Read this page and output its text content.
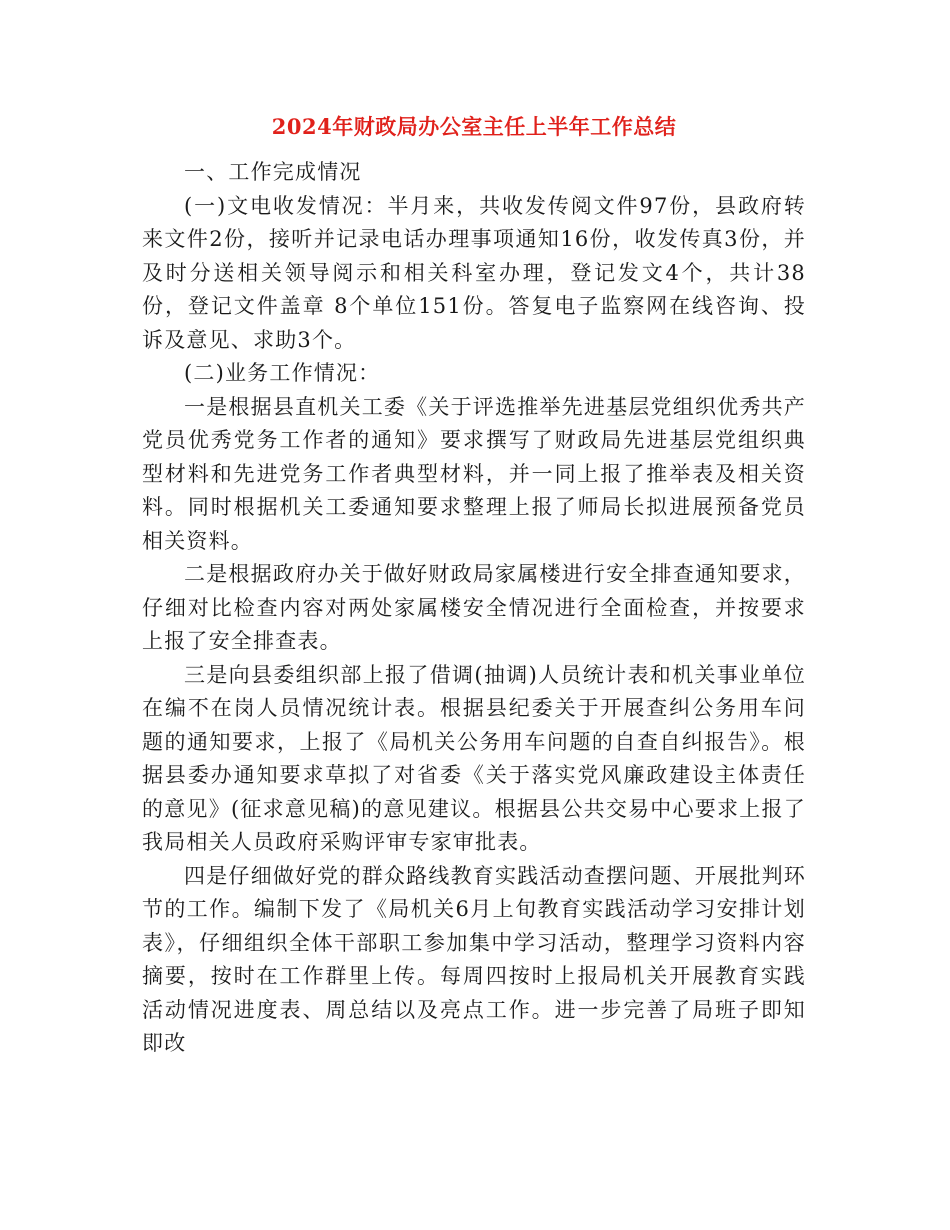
2024年财政局办公室主任上半年工作总结

一、工作完成情况

(一)文电收发情况：半月来，共收发传阅文件97份，县政府转来文件2份，接听并记录电话办理事项通知16份，收发传真3份，并及时分送相关领导阅示和相关科室办理，登记发文4个，共计38份，登记文件盖章 8个单位151份。答复电子监察网在线咨询、投诉及意见、求助3个。

(二)业务工作情况：

一是根据县直机关工委《关于评选推举先进基层党组织优秀共产党员优秀党务工作者的通知》要求撰写了财政局先进基层党组织典型材料和先进党务工作者典型材料，并一同上报了推举表及相关资料。同时根据机关工委通知要求整理上报了师局长拟进展预备党员相关资料。

二是根据政府办关于做好财政局家属楼进行安全排查通知要求，仔细对比检查内容对两处家属楼安全情况进行全面检查，并按要求上报了安全排查表。

三是向县委组织部上报了借调(抽调)人员统计表和机关事业单位在编不在岗人员情况统计表。根据县纪委关于开展查纠公务用车问题的通知要求，上报了《局机关公务用车问题的自查自纠报告》。根据县委办通知要求草拟了对省委《关于落实党风廉政建设主体责任的意见》(征求意见稿)的意见建议。根据县公共交易中心要求上报了我局相关人员政府采购评审专家审批表。

四是仔细做好党的群众路线教育实践活动查摆问题、开展批判环节的工作。编制下发了《局机关6月上旬教育实践活动学习安排计划表》，仔细组织全体干部职工参加集中学习活动，整理学习资料内容摘要，按时在工作群里上传。每周四按时上报局机关开展教育实践活动情况进度表、周总结以及亮点工作。进一步完善了局班子即知即改
